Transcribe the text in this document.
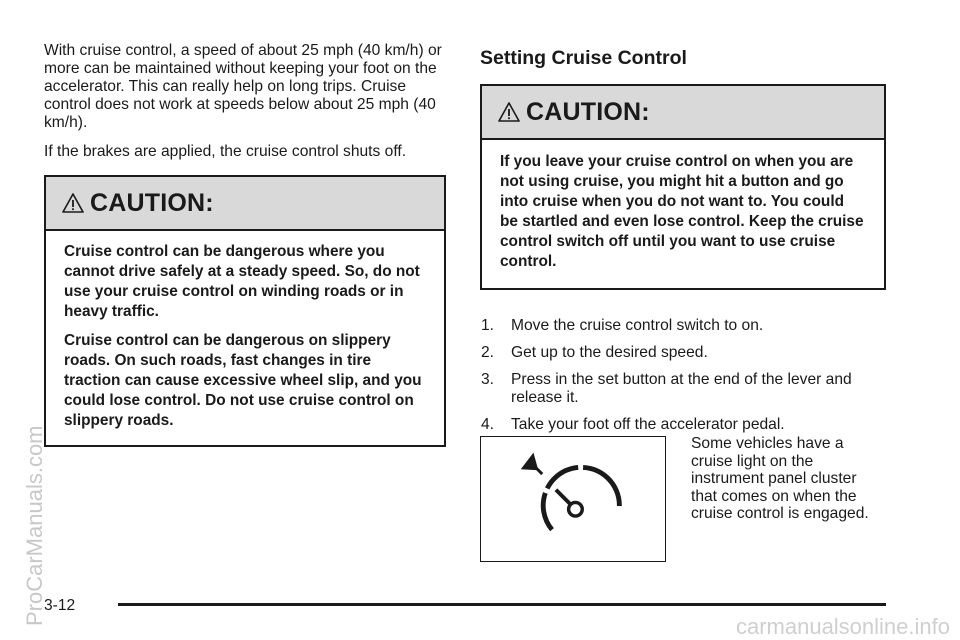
With cruise control, a speed of about 25 mph (40 km/h) or more can be maintained without keeping your foot on the accelerator. This can really help on long trips. Cruise control does not work at speeds below about 25 mph (40 km/h).

If the brakes are applied, the cruise control shuts off.

CAUTION:

Cruise control can be dangerous where you cannot drive safely at a steady speed. So, do not use your cruise control on winding roads or in heavy traffic.

Cruise control can be dangerous on slippery roads. On such roads, fast changes in tire traction can cause excessive wheel slip, and you could lose control. Do not use cruise control on slippery roads.

Setting Cruise Control
CAUTION:

If you leave your cruise control on when you are not using cruise, you might hit a button and go into cruise when you do not want to. You could be startled and even lose control. Keep the cruise control switch off until you want to use cruise control.

1.	Move the cruise control switch to on.
2.	Get up to the desired speed.
3.	Press in the set button at the end of the lever and release it.
4.	Take your foot off the accelerator pedal.
Some vehicles have a cruise light on the instrument panel cluster that comes on when the cruise control is engaged.
3-12
ProCarManuals.com
carmanualsonline.info
